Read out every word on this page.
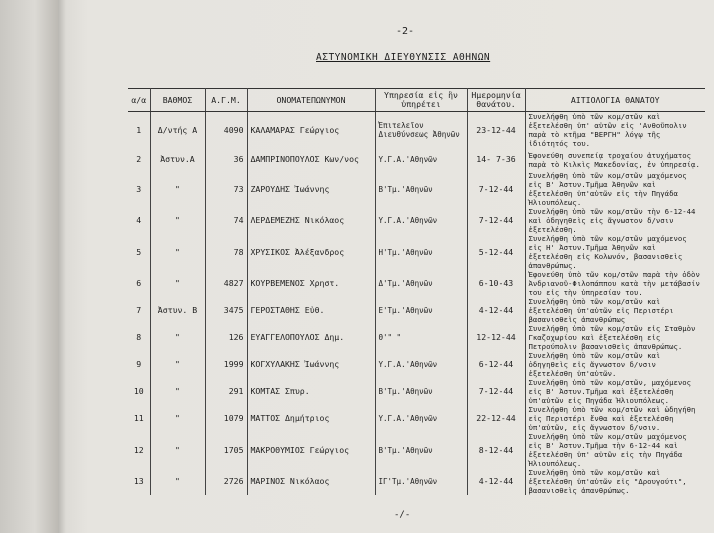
-2-
ΑΣΤΥΝΟΜΙΚΗ ΔΙΕΥΘΥΝΣΙΣ ΑΘΗΝΩΝ
α/α	ΒΑΘΜΟΣ	Α.Γ.Μ.	ΟΝΟΜΑΤΕΠΩΝΥΜΟΝ	Υπηρεσία εἰς ἣν ὑπηρέτει	Ημερομηνία θανάτου.	ΑΙΤΙΟΛΟΓΙΑ ΘΑΝΑΤΟΥ
1	Δ/ντής Α	4090	ΚΑΛΑΜΑΡΑΣ Γεώργιος	Ἐπιτελεῖον Διευθύνσεως Ἀθηνῶν	23-12-44	Συνελήφθη ὑπὸ τῶν κομ/στῶν καὶ ἐξετελέσθη ὑπ' αὐτῶν εἰς 'Ανθοῦπολιν παρὰ τὸ κτῆμα "ΒΕΡΓΗ" λόγῳ τῆς ἰδιότητός του.
2	Ἀστυν.Α	36	ΔΑΜΠΡΙΝΟΠΟΥΛΟΣ Κων/νος	Υ.Γ.Α.'Αθηνῶν	14- 7-36	Ἐφονεύθη συνεπείᾳ τροχαίου ἀτυχήματος παρὰ τὸ Κιλκὶς Μακεδονίας, ἐν ὑπηρεσίᾳ.
3	"	73	ΖΑΡΟΥΔΗΣ Ἰωάννης	Β'Τμ.'Αθηνῶν	7-12-44	Συνελήφθη ὑπὸ τῶν κομ/στῶν μαχόμενος εἰς Β' Ἀστυν.Τμῆμα Ἀθηνῶν καὶ ἐξετελέσθη ὑπ'αὐτῶν εἰς τὴν Πηγάδα Ἡλιουπόλεως.
4	"	74	ΛΕΡΔΕΜΕΖΗΣ Νικόλαος	Υ.Γ.Α.'Αθηνῶν	7-12-44	Συνελήφθη ὑπὸ τῶν κομ/στῶν τὴν 6-12-44 καὶ ὁδηγηθεὶς εἰς ἄγνωστον δ/νσιν ἐξετελέσθη.
5	"	78	ΧΡΥΣΙΚΟΣ Ἀλέξανδρος	Η'Τμ.'Αθηνῶν	5-12-44	Συνελήφθη ὑπὸ τῶν κομ/στῶν μαχόμενος εἰς Η' Ἀστυν.Τμῆμα Ἀθηνῶν καὶ ἐξετελέσθη εἰς Κολωνόν, βασανισθεὶς ἀπανθρώπως.
6	"	4827	ΚΟΥΡΒΕΜΕΝΟΣ Χρηστ.	Δ'Τμ.'Αθηνῶν	6-10-43	Ἐφονεύθη ὑπὸ τῶν κομ/στῶν παρὰ τὴν ὁδὸν Ἀνδριανοῦ-Φιλοπάππου κατὰ τὴν μετάβασίν του εἰς τὴν ὑπηρεσίαν του.
7	Ἀστυν. Β	3475	ΓΕΡΟΣΤΑΘΗΣ Εὐθ.	Ε'Τμ.'Αθηνῶν	4-12-44	Συνελήφθη ὑπὸ τῶν κομ/στῶν καὶ ἐξετελέσθη ὑπ'αὐτῶν εἰς Περιστέρι βασανισθεὶς ἀπανθρώπως
8	"	126	ΕΥΑΓΓΕΛΟΠΟΥΛΟΣ Δημ.	Θ'" "	12-12-44	Συνελήφθη ὑπὸ τῶν κομ/στῶν εἰς Σταθμὸν Γκαζοχωρίου καὶ ἐξετελέσθη εἰς Πετρούπολιν βασανισθεὶς ἀπανθρώπως.
9	"	1999	ΚΟΓΧΥΛΑΚΗΣ Ἰωάννης	Υ.Γ.Α.'Αθηνῶν	6-12-44	Συνελήφθη ὑπὸ τῶν κομ/στῶν καὶ ὁδηγηθεὶς εἰς ἄγνωστον δ/νσιν ἐξετελέσθη ὑπ'αὐτῶν.
10	"	291	ΚΟΜΤΑΣ Σπυρ.	Β'Τμ.'Αθηνῶν	7-12-44	Συνελήφθη ὑπὸ τῶν κομ/στῶν, μαχόμενος εἰς Β' Ἀστυν.Τμῆμα καὶ ἐξετελέσθη ὑπ'αὐτῶν εἰς Πηγάδα Ἡλιουπόλεως.
11	"	1079	ΜΑΤΤΟΣ Δημήτριος	Υ.Γ.Α.'Αθηνῶν	22-12-44	Συνελήφθη ὑπὸ τῶν κομ/στῶν καὶ ὡδηγήθη εἰς Περιστέρι ἔνθα καὶ ἐξετελέσθη ὑπ'αὐτῶν, εἰς ἄγνωστον δ/νσιν.
12	"	1705	ΜΑΚΡΟΘΥΜΙΟΣ Γεώργιος	Β'Τμ.'Αθηνῶν	8-12-44	Συνελήφθη ὑπὸ τῶν κομ/στῶν μαχόμενος εἰς Β' Ἀστυν.Τμῆμα τὴν 6-12-44 καὶ ἐξετελέσθη ὑπ' αὐτῶν εἰς τὴν Πηγάδα Ἡλιουπόλεως.
13	"	2726	ΜΑΡΙΝΟΣ Νικόλαος	ΙΓ'Τμ.'Αθηνῶν	4-12-44	Συνελήφθη ὑπὸ τῶν κομ/στῶν καὶ ἐξετελέσθη ὑπ'αὐτῶν εἰς "Δρουγούτι", βασανισθεὶς ἀπανθρώπως.
-/-
